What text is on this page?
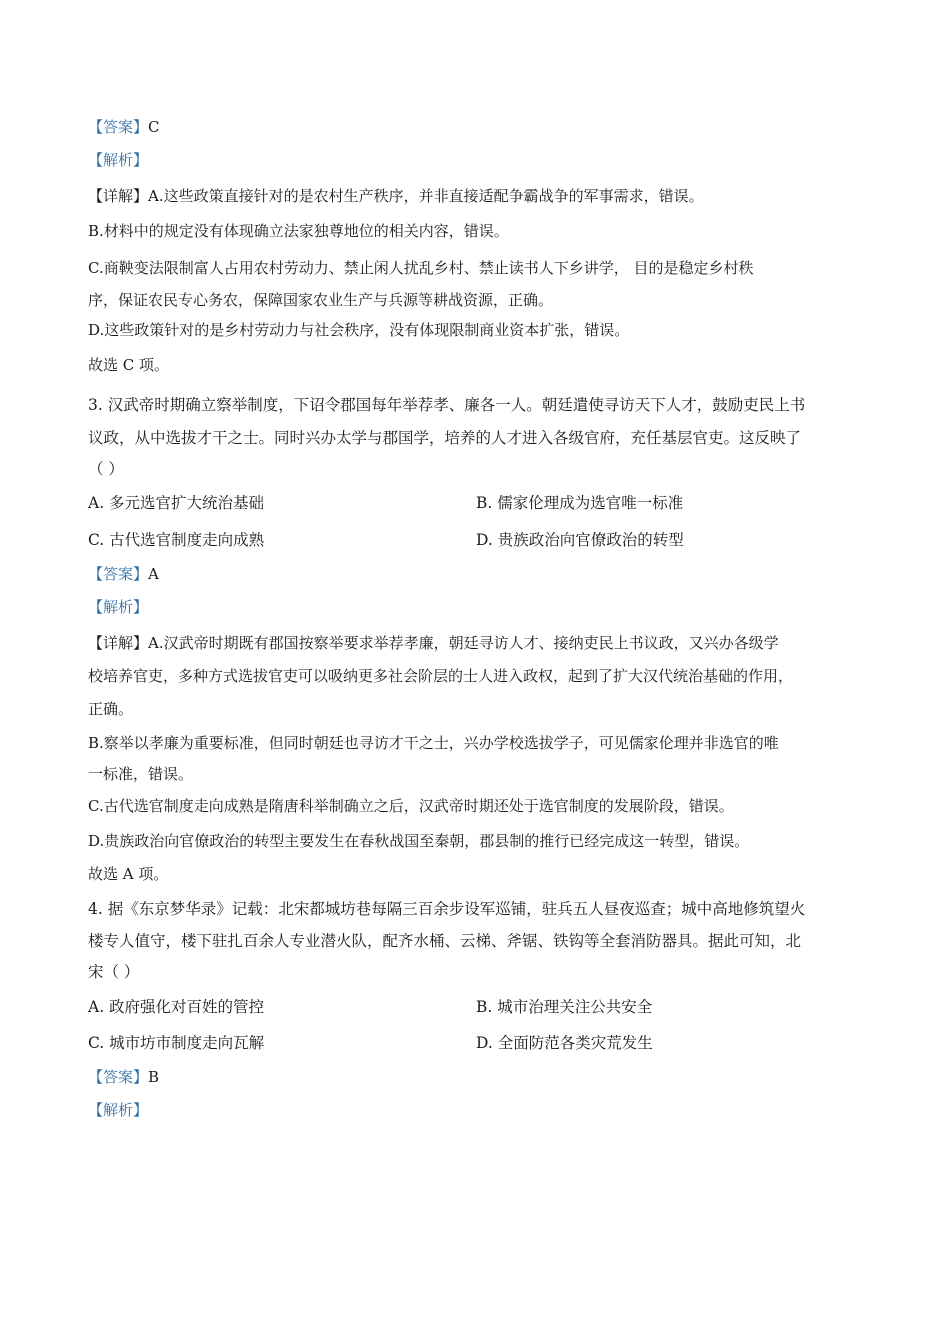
【答案】C
【解析】
【详解】A.这些政策直接针对的是农村生产秩序，并非直接适配争霸战争的军事需求，错误。
B.材料中的规定没有体现确立法家独尊地位的相关内容，错误。
C.商鞅变法限制富人占用农村劳动力、禁止闲人扰乱乡村、禁止读书人下乡讲学， 目的是稳定乡村秩
序，保证农民专心务农，保障国家农业生产与兵源等耕战资源，正确。
D.这些政策针对的是乡村劳动力与社会秩序，没有体现限制商业资本扩张，错误。
故选 C 项。
3. 汉武帝时期确立察举制度，下诏令郡国每年举荐孝、廉各一人。朝廷遣使寻访天下人才，鼓励吏民上书
议政，从中选拔才干之士。同时兴办太学与郡国学，培养的人才进入各级官府，充任基层官吏。这反映了
（ ）
A. 多元选官扩大统治基础	B. 儒家伦理成为选官唯一标准
C. 古代选官制度走向成熟	D. 贵族政治向官僚政治的转型
【答案】A
【解析】
【详解】A.汉武帝时期既有郡国按察举要求举荐孝廉，朝廷寻访人才、接纳吏民上书议政，又兴办各级学
校培养官吏，多种方式选拔官吏可以吸纳更多社会阶层的士人进入政权，起到了扩大汉代统治基础的作用，
正确。
B.察举以孝廉为重要标准，但同时朝廷也寻访才干之士，兴办学校选拔学子，可见儒家伦理并非选官的唯
一标准，错误。
C.古代选官制度走向成熟是隋唐科举制确立之后，汉武帝时期还处于选官制度的发展阶段，错误。
D.贵族政治向官僚政治的转型主要发生在春秋战国至秦朝，郡县制的推行已经完成这一转型，错误。
故选 A 项。
4. 据《东京梦华录》记载：北宋都城坊巷每隔三百余步设军巡铺，驻兵五人昼夜巡查；城中高地修筑望火
楼专人值守，楼下驻扎百余人专业潜火队，配齐水桶、云梯、斧锯、铁钩等全套消防器具。据此可知，北
宋（ ）
A. 政府强化对百姓的管控	B. 城市治理关注公共安全
C. 城市坊市制度走向瓦解	D. 全面防范各类灾荒发生
【答案】B
【解析】
